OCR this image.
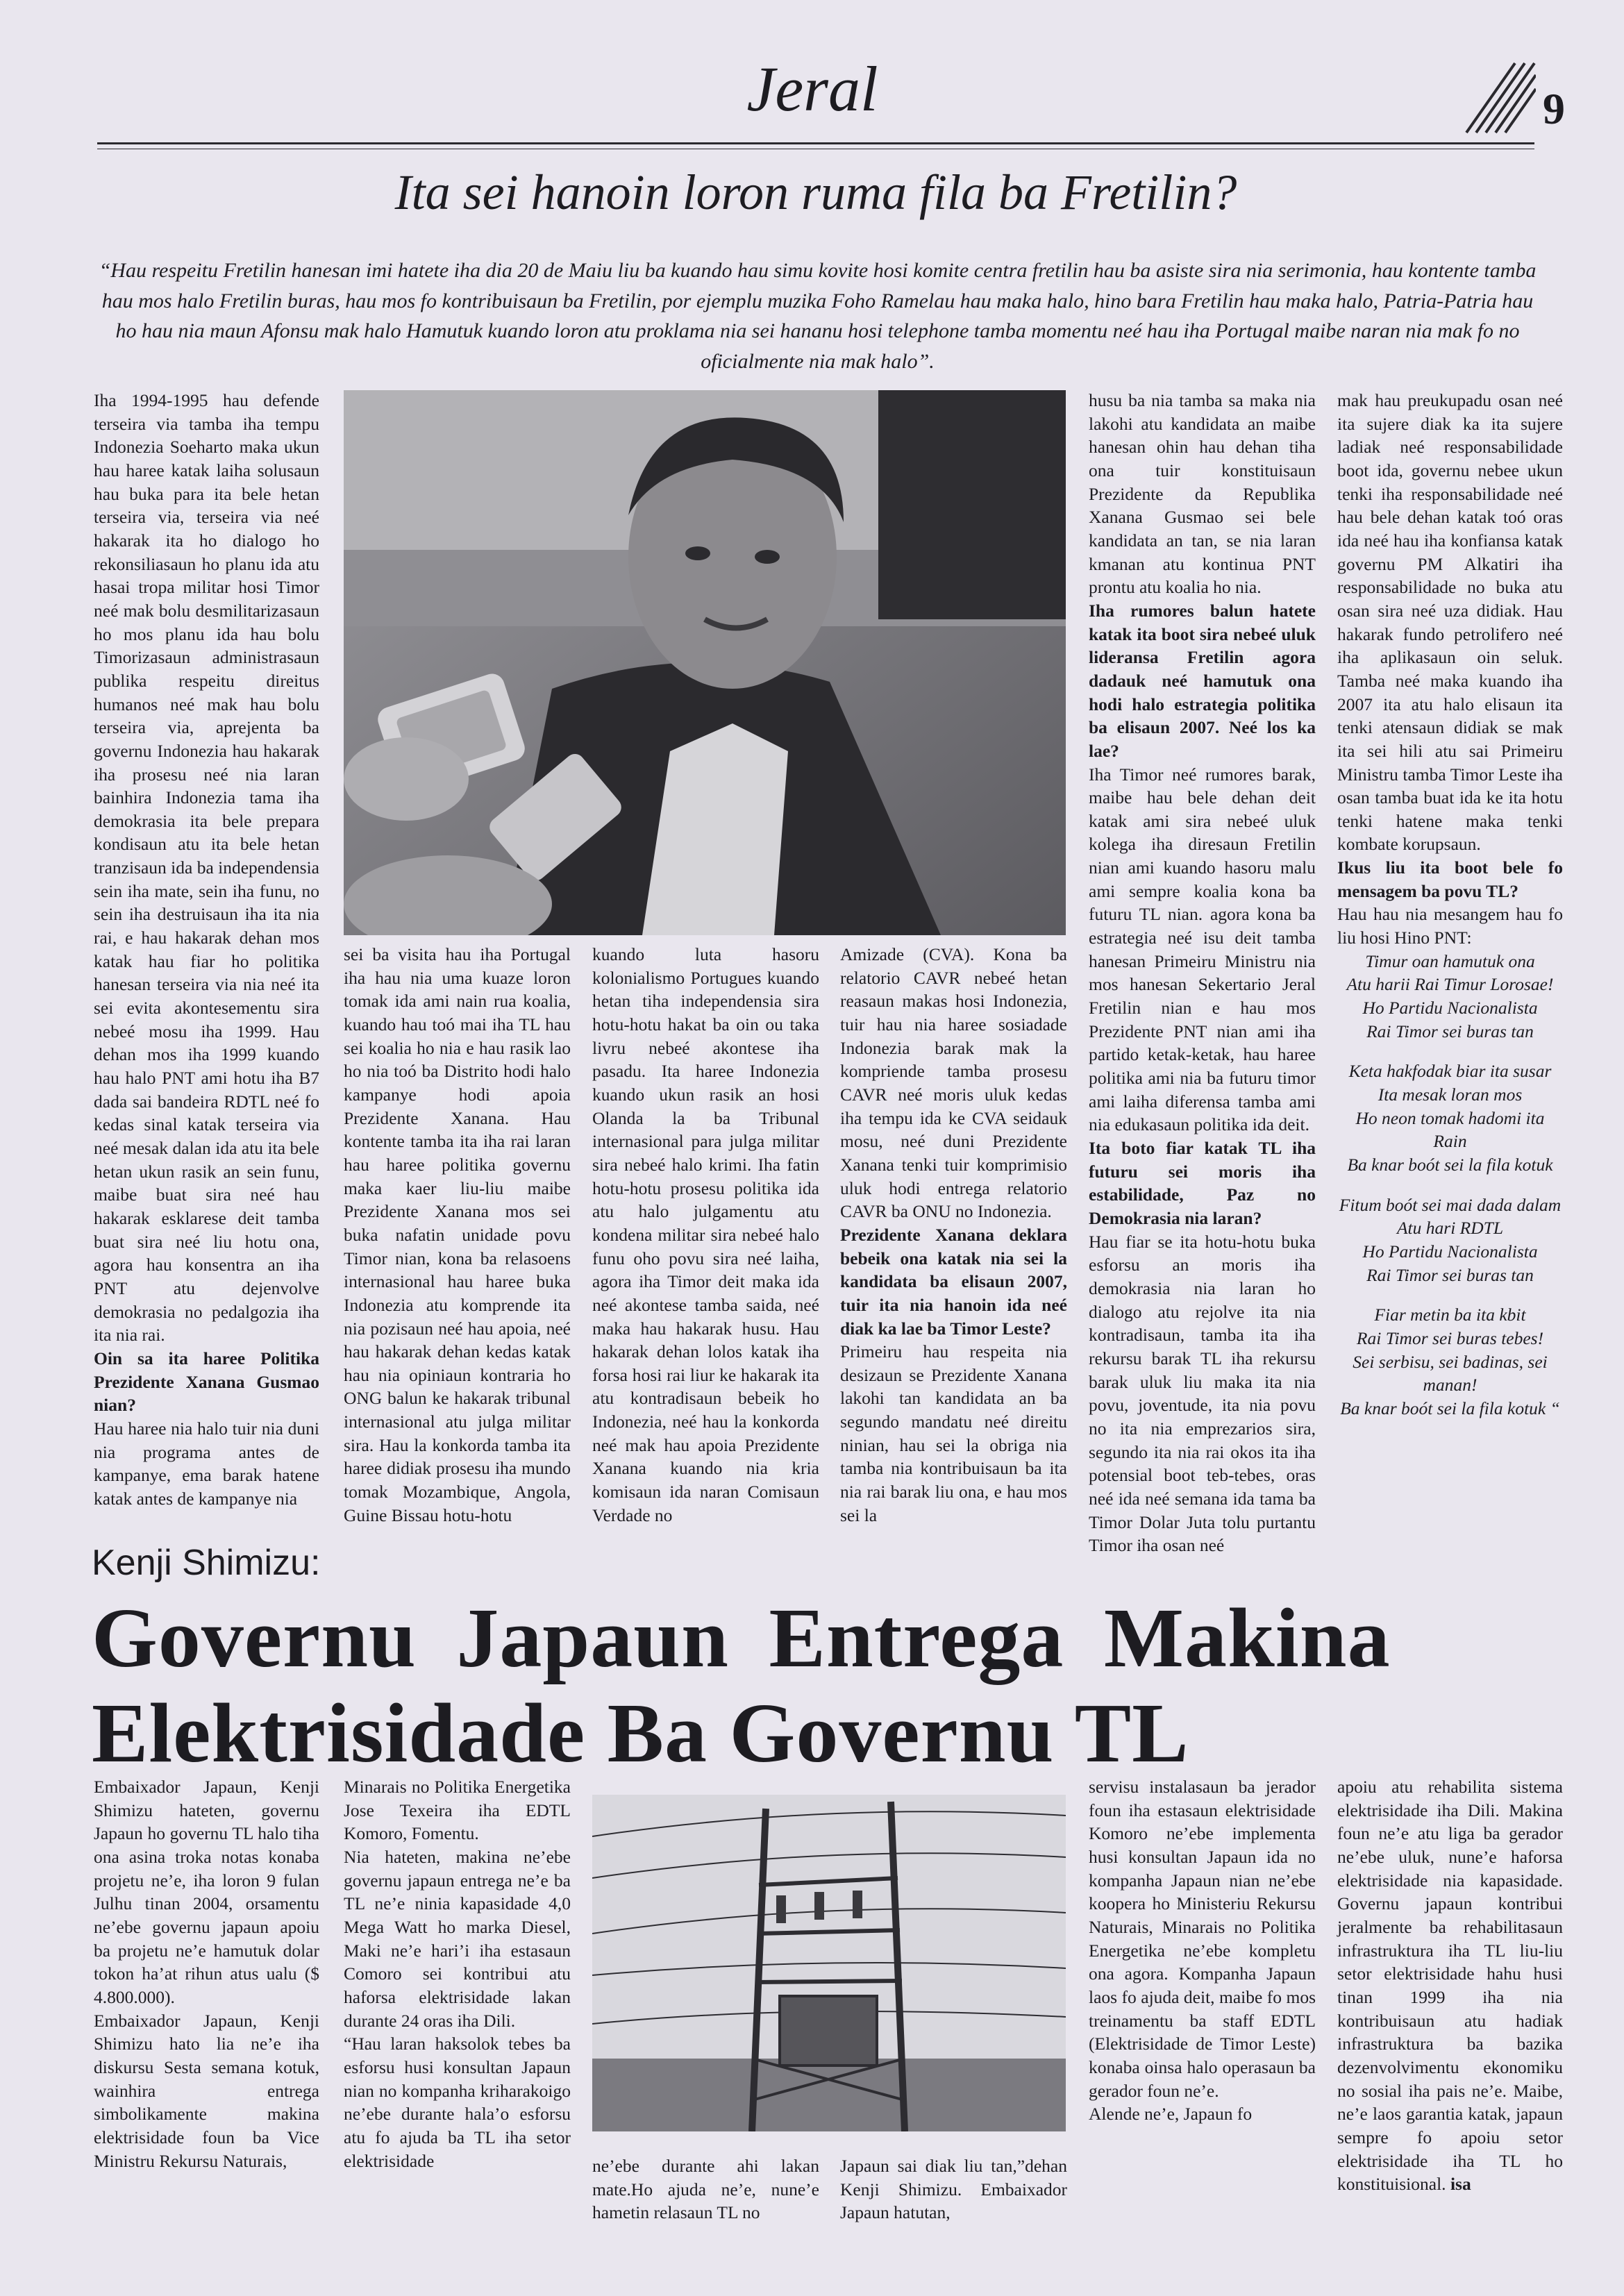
Jeral	9
Ita sei hanoin loron ruma fila ba Fretilin?
“Hau respeitu Fretilin hanesan imi hatete iha dia 20 de Maiu liu ba kuando hau simu kovite hosi komite centra fretilin hau ba asiste sira nia serimonia, hau kontente tamba hau mos halo Fretilin buras, hau mos fo kontribuisaun ba Fretilin, por ejemplu muzika Foho Ramelau hau maka halo, hino bara Fretilin hau maka halo, Patria-Patria hau ho hau nia maun Afonsu mak halo Hamutuk kuando loron atu proklama nia sei hananu hosi telephone tamba momentu neé hau iha Portugal maibe naran nia mak fo no oficialmente nia mak halo”.

Iha 1994-1995 hau defende terseira via tamba iha tempu Indonezia Soeharto maka ukun hau haree katak laiha solusaun hau buka para ita bele hetan terseira via, terseira via neé hakarak ita ho dialogo ho rekonsiliasaun ho planu ida atu hasai tropa militar hosi Timor neé mak bolu desmilitarizasaun ho mos planu ida hau bolu Timorizasaun administrasaun publika respeitu direitus humanos neé mak hau bolu terseira via, aprejenta ba governu Indonezia hau hakarak iha prosesu neé nia laran bainhira Indonezia tama iha demokrasia ita bele prepara kondisaun atu ita bele hetan tranzisaun ida ba independensia sein iha mate, sein iha funu, no sein iha destruisaun iha ita nia rai, e hau hakarak dehan mos katak hau fiar ho politika hanesan terseira via nia neé ita sei evita akontesementu sira nebeé mosu iha 1999. Hau dehan mos iha 1999 kuando hau halo PNT ami hotu iha B7 dada sai bandeira RDTL neé fo kedas sinal katak terseira via neé mesak dalan ida atu ita bele hetan ukun rasik an sein funu, maibe buat sira neé hau hakarak esklarese deit tamba buat sira neé liu hotu ona, agora hau konsentra an iha PNT atu dejenvolve demokrasia no pedalgozia iha ita nia rai.

Oin sa ita haree Politika Prezidente Xanana Gusmao nian?

Hau haree nia halo tuir nia duni nia programa antes de kampanye, ema barak hatene katak antes de kampanye nia

sei ba visita hau iha Portugal iha hau nia uma kuaze loron tomak ida ami nain rua koalia, kuando hau toó mai iha TL hau sei koalia ho nia e hau rasik lao ho nia toó ba Distrito hodi halo kampanye hodi apoia Prezidente Xanana. Hau kontente tamba ita iha rai laran hau haree politika governu maka kaer liu-liu maibe Prezidente Xanana mos sei buka nafatin unidade povu Timor nian, kona ba relasoens internasional hau haree buka Indonezia atu komprende ita nia pozisaun neé hau apoia, neé hau hakarak dehan kedas katak hau nia opiniaun kontraria ho ONG balun ke hakarak tribunal internasional atu julga militar sira. Hau la konkorda tamba ita haree didiak prosesu iha mundo tomak Mozambique, Angola, Guine Bissau hotu-hotu

kuando luta hasoru kolonialismo Portugues kuando hetan tiha independensia sira hotu-hotu hakat ba oin ou taka livru nebeé akontese iha pasadu. Ita haree Indonezia kuando ukun rasik an hosi Olanda la ba Tribunal internasional para julga militar sira nebeé halo krimi. Iha fatin hotu-hotu prosesu politika ida atu halo julgamentu atu kondena militar sira nebeé halo funu oho povu sira neé laiha, agora iha Timor deit maka ida neé akontese tamba saida, neé maka hau hakarak husu. Hau hakarak dehan lolos katak iha forsa hosi rai liur ke hakarak ita atu kontradisaun bebeik ho Indonezia, neé hau la konkorda neé mak hau apoia Prezidente Xanana kuando nia kria komisaun ida naran Comisaun Verdade no

Amizade (CVA). Kona ba relatorio CAVR nebeé hetan reasaun makas hosi Indonezia, tuir hau nia haree sosiadade Indonezia barak mak la kompriende tamba prosesu CAVR neé moris uluk kedas iha tempu ida ke CVA seidauk mosu, neé duni Prezidente Xanana tenki tuir komprimisio uluk hodi entrega relatorio CAVR ba ONU no Indonezia.

Prezidente Xanana deklara bebeik ona katak nia sei la kandidata ba elisaun 2007, tuir ita nia hanoin ida neé diak ka lae ba Timor Leste?

Primeiru hau respeita nia desizaun se Prezidente Xanana lakohi tan kandidata an ba segundo mandatu neé direitu ninian, hau sei la obriga nia tamba nia kontribuisaun ba ita nia rai barak liu ona, e hau mos sei la

husu ba nia tamba sa maka nia lakohi atu kandidata an maibe hanesan ohin hau dehan tiha ona tuir konstituisaun Prezidente da Republika Xanana Gusmao sei bele kandidata an tan, se nia laran kmanan atu kontinua PNT prontu atu koalia ho nia.

Iha rumores balun hatete katak ita boot sira nebeé uluk lideransa Fretilin agora dadauk neé hamutuk ona hodi halo estrategia politika ba elisaun 2007. Neé los ka lae?

Iha Timor neé rumores barak, maibe hau bele dehan deit katak ami sira nebeé uluk kolega iha diresaun Fretilin nian ami kuando hasoru malu ami sempre koalia kona ba futuru TL nian. agora kona ba estrategia neé isu deit tamba hanesan Primeiru Ministru nia mos hanesan Sekertario Jeral Fretilin nian e hau mos Prezidente PNT nian ami iha partido ketak-ketak, hau haree politika ami nia ba futuru timor ami laiha diferensa tamba ami nia edukasaun politika ida deit.

Ita boto fiar katak TL iha futuru sei moris iha estabilidade, Paz no Demokrasia nia laran?

Hau fiar se ita hotu-hotu buka esforsu an moris iha demokrasia nia laran ho dialogo atu rejolve ita nia kontradisaun, tamba ita iha rekursu barak TL iha rekursu barak uluk liu maka ita nia povu, joventude, ita nia povu no ita nia emprezarios sira, segundo ita nia rai okos ita iha potensial boot teb-tebes, oras neé ida neé semana ida tama ba Timor Dolar Juta tolu purtantu Timor iha osan neé

mak hau preukupadu osan neé ita sujere diak ka ita sujere ladiak neé responsabilidade boot ida, governu nebee ukun tenki iha responsabilidade neé hau bele dehan katak toó oras ida neé hau iha konfiansa katak governu PM Alkatiri iha responsabilidade no buka atu osan sira neé uza didiak. Hau hakarak fundo petrolifero neé iha aplikasaun oin seluk. Tamba neé maka kuando iha 2007 ita atu halo elisaun ita tenki atensaun didiak se mak ita sei hili atu sai Primeiru Ministru tamba Timor Leste iha osan tamba buat ida ke ita hotu tenki hatene maka tenki kombate korupsaun.

Ikus liu ita boot bele fo mensagem ba povu TL?

Hau hau nia mesangem hau fo liu hosi Hino PNT:

Timur oan hamutuk ona

Atu harii Rai Timur Lorosae!

Ho Partidu Nacionalista

Rai Timor sei buras tan

Keta hakfodak biar ita susar

Ita mesak loran mos

Ho neon tomak hadomi ita Rain

Ba knar boót sei la fila kotuk

Fitum boót sei mai dada dalam

Atu hari RDTL

Ho Partidu Nacionalista

Rai Timor sei buras tan

Fiar metin ba ita kbit

Rai Timor sei buras tebes!

Sei serbisu, sei badinas, sei manan!

Ba knar boót sei la fila kotuk “

Kenji Shimizu:
Governu Japaun Entrega Makina
Elektrisidade Ba Governu TL

Embaixador Japaun, Kenji Shimizu hateten, governu Japaun ho governu TL halo tiha ona asina troka notas konaba projetu ne’e, iha loron 9 fulan Julhu tinan 2004, orsamentu ne’ebe governu japaun apoiu ba projetu ne’e hamutuk dolar tokon ha’at rihun atus ualu ($ 4.800.000).

Embaixador Japaun, Kenji Shimizu hato lia ne’e iha diskursu Sesta semana kotuk, wainhira entrega simbolikamente makina elektrisidade foun ba Vice Ministru Rekursu Naturais,

Minarais no Politika Energetika Jose Texeira iha EDTL Komoro, Fomentu.

Nia hateten, makina ne’ebe governu japaun entrega ne’e ba TL ne’e ninia kapasidade 4,0 Mega Watt ho marka Diesel, Maki ne’e hari’i iha estasaun Comoro sei kontribui atu haforsa elektrisidade lakan durante 24 oras iha Dili.

“Hau laran haksolok tebes ba esforsu husi konsultan Japaun nian no kompanha kriharakoigo ne’ebe durante hala’o esforsu atu fo ajuda ba TL iha setor elektrisidade	ne’ebe durante ahi lakan mate.Ho ajuda ne’e, nune’e hametin relasaun TL no

Japaun sai diak liu tan,”dehan Kenji Shimizu. Embaixador Japaun hatutan,

servisu instalasaun ba jerador foun iha estasaun elektrisidade Komoro ne’ebe implementa husi konsultan Japaun ida no kompanha Japaun nian ne’ebe koopera ho Ministeriu Rekursu Naturais, Minarais no Politika Energetika ne’ebe kompletu ona agora. Kompanha Japaun laos fo ajuda deit, maibe fo mos treinamentu ba staff EDTL (Elektrisidade de Timor Leste) konaba oinsa halo operasaun ba gerador foun ne’e.

Alende ne’e, Japaun fo

apoiu atu rehabilita sistema elektrisidade iha Dili. Makina foun ne’e atu liga ba gerador ne’ebe uluk, nune’e haforsa elektrisidade nia kapasidade. Governu japaun kontribui jeralmente ba rehabilitasaun infrastruktura iha TL liu-liu setor elektrisidade hahu husi tinan 1999 iha nia kontribuisaun atu hadiak infrastruktura ba bazika dezenvolvimentu ekonomiku no sosial iha pais ne’e. Maibe, ne’e laos garantia katak, japaun sempre fo apoiu setor elektrisidade iha TL ho konstituisional. isa
